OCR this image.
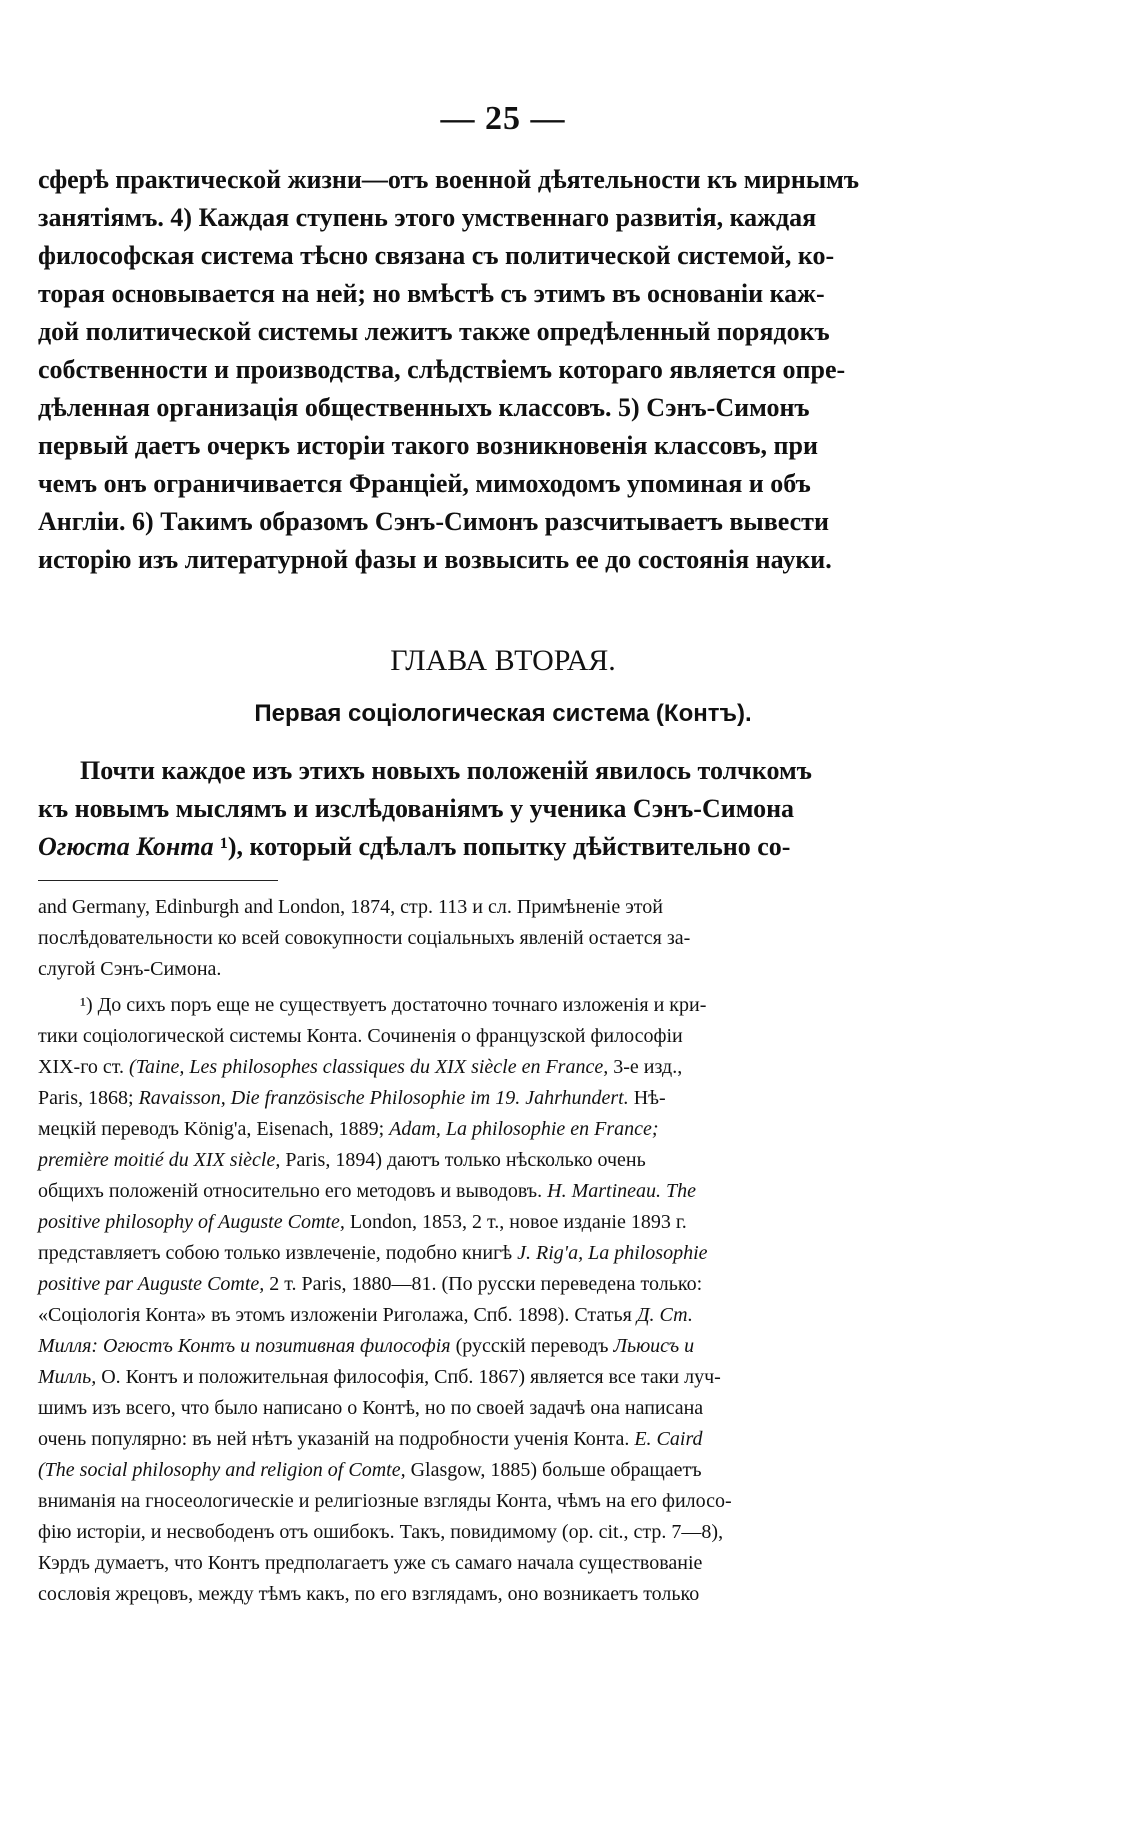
— 25 —
сферѣ практической жизни—отъ военной дѣятельности къ мирнымъ
занятіямъ. 4) Каждая ступень этого умственнаго развитія, каждая
философская система тѣсно связана съ политической системой, ко-
торая основывается на ней; но вмѣстѣ съ этимъ въ основаніи каж-
дой политической системы лежитъ также опредѣленный порядокъ
собственности и производства, слѣдствіемъ котораго является опре-
дѣленная организація общественныхъ классовъ. 5) Сэнъ-Симонъ
первый даетъ очеркъ исторіи такого возникновенія классовъ, при
чемъ онъ ограничивается Франціей, мимоходомъ упоминая и объ
Англіи. 6) Такимъ образомъ Сэнъ-Симонъ разсчитываетъ вывести
исторію изъ литературной фазы и возвысить ее до состоянія науки.
ГЛАВА ВТОРАЯ.
Первая соціологическая система (Контъ).
Почти каждое изъ этихъ новыхъ положеній явилось толчкомъ
къ новымъ мыслямъ и изслѣдованіямъ у ученика Сэнъ-Симона
Огюста Конта ¹), который сдѣлалъ попытку дѣйствительно со-
and Germany, Edinburgh and London, 1874, стр. 113 и сл. Примѣненіе этой
послѣдовательности ко всей совокупности соціальныхъ явленій остается за-
слугой Сэнъ-Симона.
¹) До сихъ поръ еще не существуетъ достаточно точнаго изложенія и кри-
тики соціологической системы Конта. Сочиненія о французской философіи
XIX-го ст. (Taine, Les philosophes classiques du XIX siècle en France, 3-е изд.,
Paris, 1868; Ravaisson, Die französische Philosophie im 19. Jahrhundert. Нѣ-
мецкій переводъ König'a, Eisenach, 1889; Adam, La philosophie en France;
première moitié du XIX siècle, Paris, 1894) даютъ только нѣсколько очень
общихъ положеній относительно его методовъ и выводовъ. H. Martineau. The
positive philosophy of Auguste Comte, London, 1853, 2 т., новое изданіе 1893 г.
представляетъ собою только извлеченіе, подобно книгѣ J. Rig'a, La philosophie
positive par Auguste Comte, 2 т. Paris, 1880—81. (По русски переведена только:
«Соціологія Конта» въ этомъ изложеніи Риголажа, Спб. 1898). Статья Д. Ст.
Милля: Огюстъ Контъ и позитивная философія (русскій переводъ Льюисъ и
Милль, О. Контъ и положительная философія, Спб. 1867) является все таки луч-
шимъ изъ всего, что было написано о Контѣ, но по своей задачѣ она написана
очень популярно: въ ней нѣтъ указаній на подробности ученія Конта. E. Caird
(The social philosophy and religion of Comte, Glasgow, 1885) больше обращаетъ
вниманія на гносеологическіе и религіозные взгляды Конта, чѣмъ на его филосо-
фію исторіи, и несвободенъ отъ ошибокъ. Такъ, повидимому (op. cit., стр. 7—8),
Кэрдъ думаетъ, что Контъ предполагаетъ уже съ самаго начала существованіе
сословія жрецовъ, между тѣмъ какъ, по его взглядамъ, оно возникаетъ только
